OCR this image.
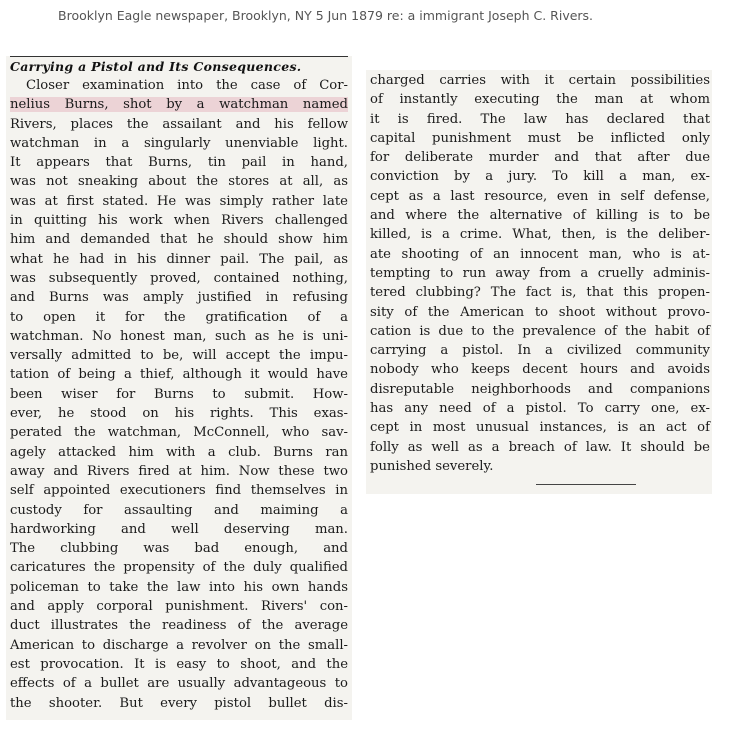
Brooklyn Eagle newspaper, Brooklyn, NY 5 Jun 1879 re: a immigrant Joseph C. Rivers.
Carrying a Pistol and Its Consequences.
Closer examination into the case of Cor-
nelius Burns, shot by a watchman named
Rivers, places the assailant and his fellow
watchman in a singularly unenviable light.
It appears that Burns, tin pail in hand,
was not sneaking about the stores at all, as
was at first stated. He was simply rather late
in quitting his work when Rivers challenged
him and demanded that he should show him
what he had in his dinner pail. The pail, as
was subsequently proved, contained nothing,
and Burns was amply justified in refusing
to open it for the gratification of a
watchman. No honest man, such as he is uni-
versally admitted to be, will accept the impu-
tation of being a thief, although it would have
been wiser for Burns to submit. How-
ever, he stood on his rights. This exas-
perated the watchman, McConnell, who sav-
agely attacked him with a club. Burns ran
away and Rivers fired at him. Now these two
self appointed executioners find themselves in
custody for assaulting and maiming a
hardworking and well deserving man.
The clubbing was bad enough, and
caricatures the propensity of the duly qualified
policeman to take the law into his own hands
and apply corporal punishment. Rivers' con-
duct illustrates the readiness of the average
American to discharge a revolver on the small-
est provocation. It is easy to shoot, and the
effects of a bullet are usually advantageous to
the shooter. But every pistol bullet dis-
charged carries with it certain possibilities
of instantly executing the man at whom
it is fired. The law has declared that
capital punishment must be inflicted only
for deliberate murder and that after due
conviction by a jury. To kill a man, ex-
cept as a last resource, even in self defense,
and where the alternative of killing is to be
killed, is a crime. What, then, is the deliber-
ate shooting of an innocent man, who is at-
tempting to run away from a cruelly adminis-
tered clubbing? The fact is, that this propen-
sity of the American to shoot without provo-
cation is due to the prevalence of the habit of
carrying a pistol. In a civilized community
nobody who keeps decent hours and avoids
disreputable neighborhoods and companions
has any need of a pistol. To carry one, ex-
cept in most unusual instances, is an act of
folly as well as a breach of law. It should be
punished severely.
